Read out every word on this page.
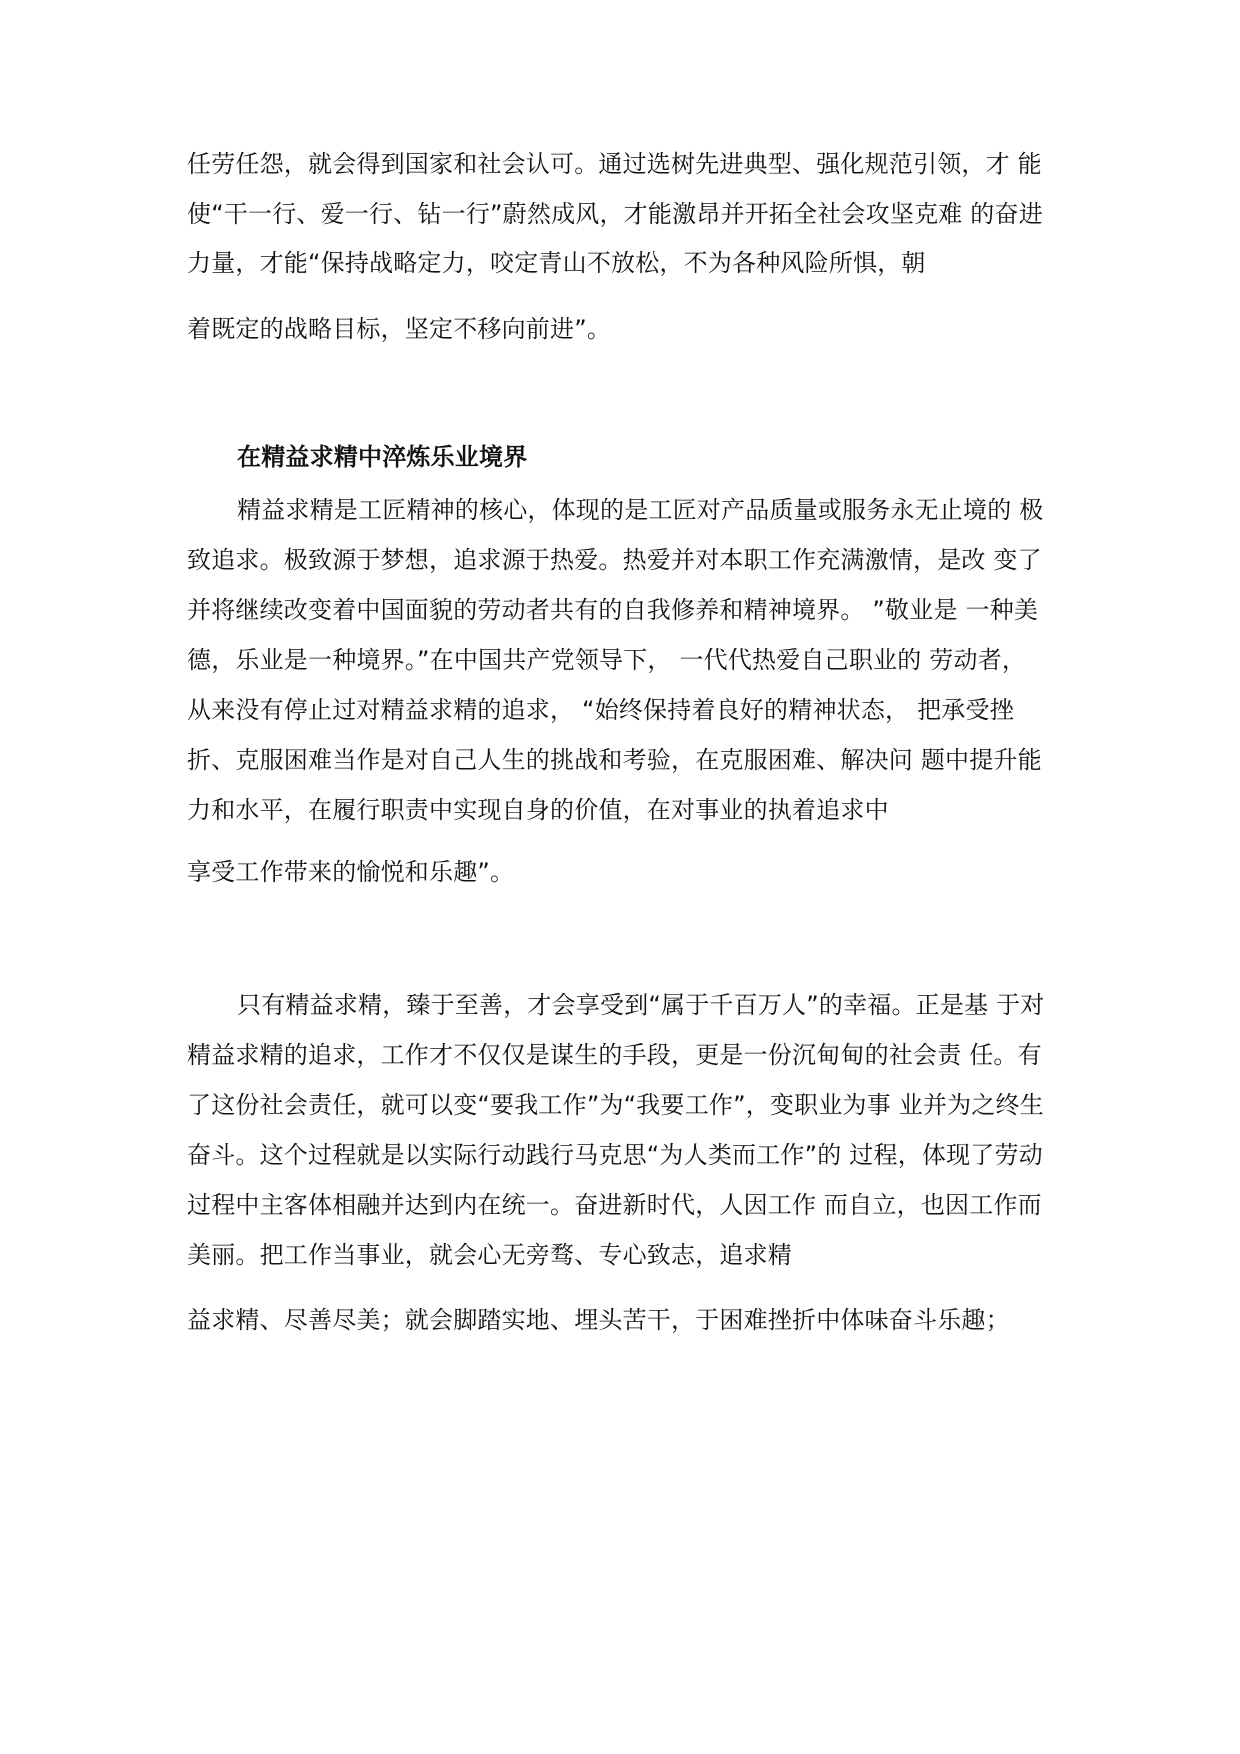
任劳任怨，就会得到国家和社会认可。通过选树先进典型、强化规范引领，才 能
使“干一行、爱一行、钻一行”蔚然成风，才能激昂并开拓全社会攻坚克难 的奋进
力量，才能“保持战略定力，咬定青山不放松，不为各种风险所惧，朝
着既定的战略目标，坚定不移向前进”。
在精益求精中淬炼乐业境界
精益求精是工匠精神的核心，体现的是工匠对产品质量或服务永无止境的 极
致追求。极致源于梦想，追求源于热爱。热爱并对本职工作充满激情，是改 变了
并将继续改变着中国面貌的劳动者共有的自我修养和精神境界。 ”敬业是 一种美
德，乐业是一种境界。”在中国共产党领导下， 一代代热爱自己职业的 劳动者，
从来没有停止过对精益求精的追求， “始终保持着良好的精神状态， 把承受挫
折、克服困难当作是对自己人生的挑战和考验，在克服困难、解决问 题中提升能
力和水平，在履行职责中实现自身的价值，在对事业的执着追求中
享受工作带来的愉悦和乐趣”。
只有精益求精，臻于至善，才会享受到“属于千百万人”的幸福。正是基 于对
精益求精的追求，工作才不仅仅是谋生的手段，更是一份沉甸甸的社会责 任。有
了这份社会责任，就可以变“要我工作”为“我要工作”，变职业为事 业并为之终生
奋斗。这个过程就是以实际行动践行马克思“为人类而工作”的 过程，体现了劳动
过程中主客体相融并达到内在统一。奋进新时代，人因工作 而自立，也因工作而
美丽。把工作当事业，就会心无旁骛、专心致志，追求精
益求精、尽善尽美；就会脚踏实地、埋头苦干，于困难挫折中体味奋斗乐趣；
